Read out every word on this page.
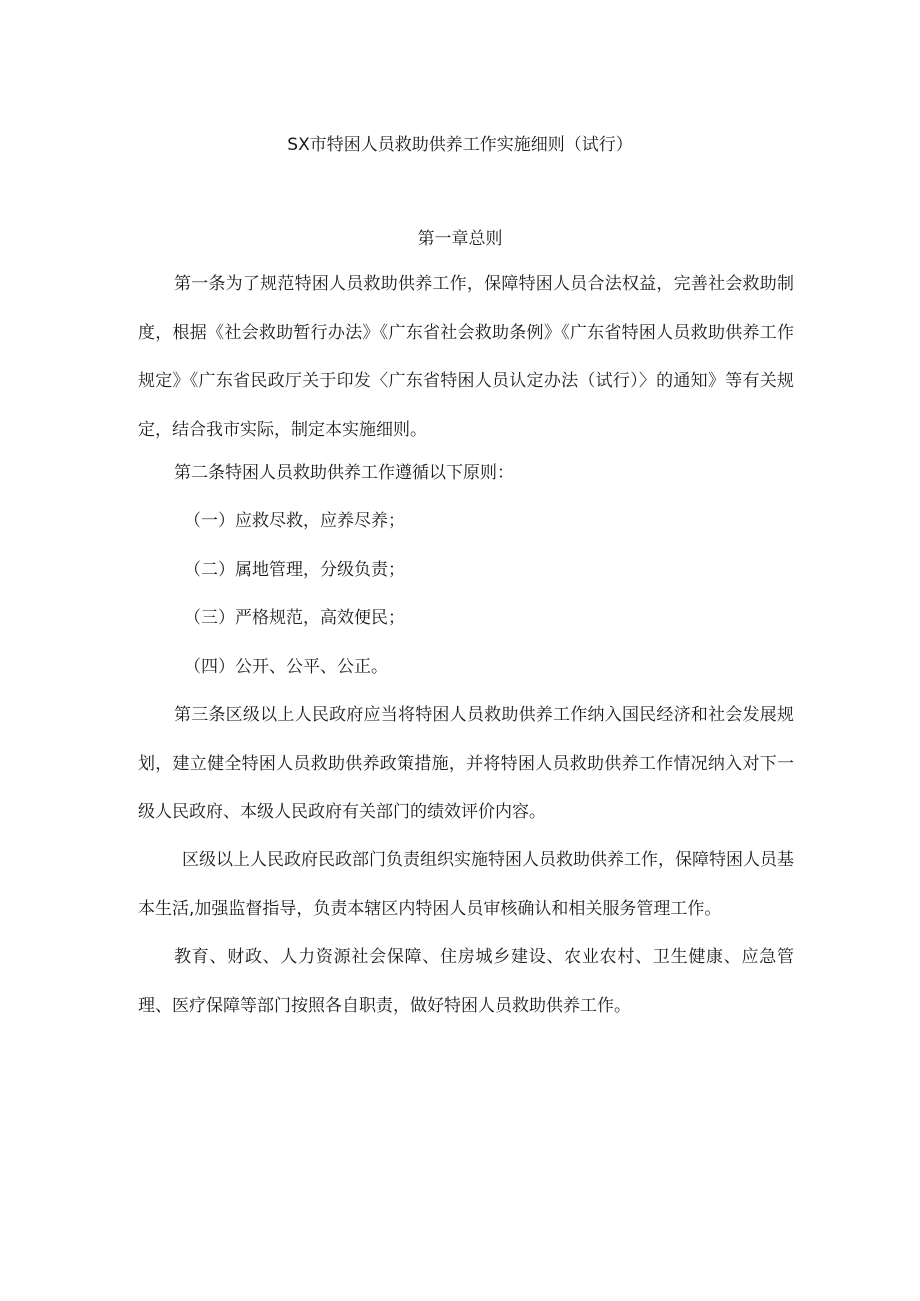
SX市特困人员救助供养工作实施细则（试行）
第一章总则

第一条为了规范特困人员救助供养工作，保障特困人员合法权益，完善社会救助制度，根据《社会救助暂行办法》《广东省社会救助条例》《广东省特困人员救助供养工作规定》《广东省民政厅关于印发〈广东省特困人员认定办法（试行）〉的通知》等有关规定，结合我市实际，制定本实施细则。

第二条特困人员救助供养工作遵循以下原则：

（一）应救尽救，应养尽养；

（二）属地管理，分级负责；

（三）严格规范，高效便民；

（四）公开、公平、公正。

第三条区级以上人民政府应当将特困人员救助供养工作纳入国民经济和社会发展规划，建立健全特困人员救助供养政策措施，并将特困人员救助供养工作情况纳入对下一级人民政府、本级人民政府有关部门的绩效评价内容。

区级以上人民政府民政部门负责组织实施特困人员救助供养工作，保障特困人员基本生活,加强监督指导，负责本辖区内特困人员审核确认和相关服务管理工作。

教育、财政、人力资源社会保障、住房城乡建设、农业农村、卫生健康、应急管理、医疗保障等部门按照各自职责，做好特困人员救助供养工作。
